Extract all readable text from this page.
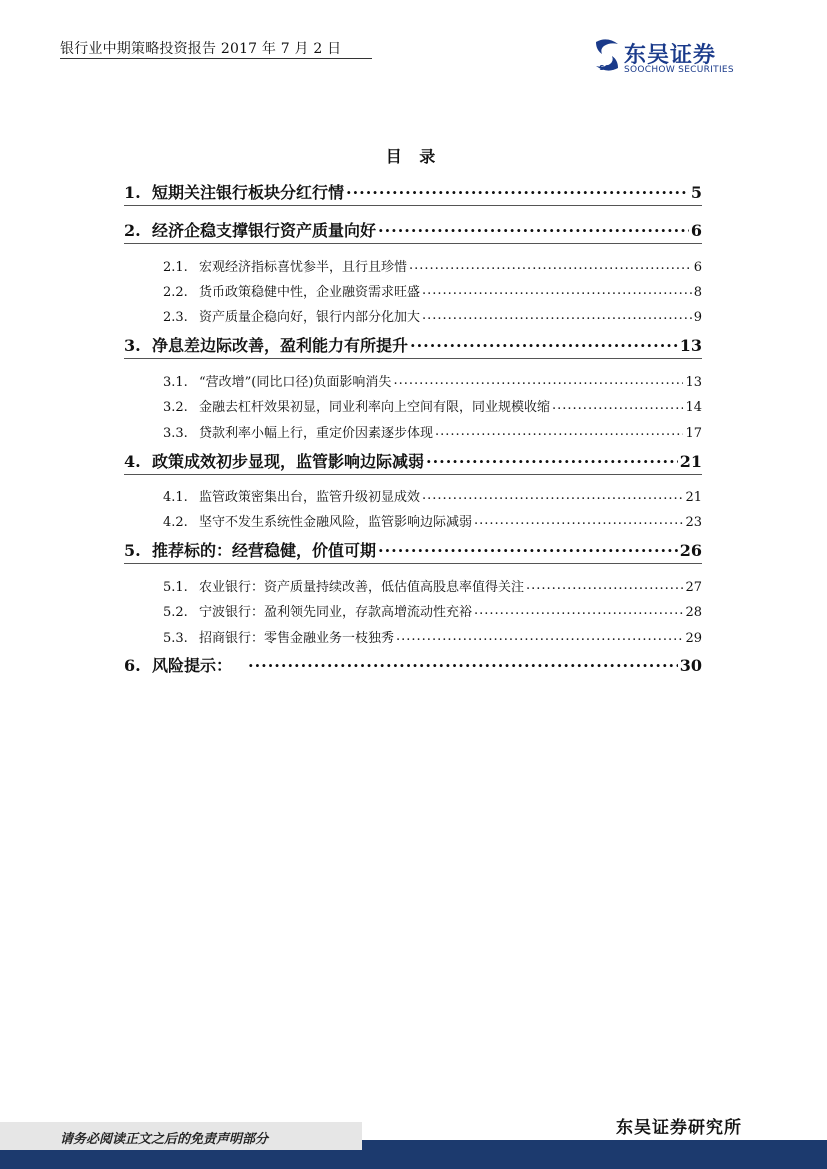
银行业中期策略投资报告 2017 年 7 月 2 日
SCS 东吴证券
SOOCHOW SECURITIES
目 录
1. 短期关注银行板块分红行情 .....	5
2. 经济企稳支撑银行资产质量向好 .....	6
2.1. 宏观经济指标喜忧参半，且行且珍惜 .....	6
2.2. 货币政策稳健中性，企业融资需求旺盛 .....	8
2.3. 资产质量企稳向好，银行内部分化加大 .....	9
3. 净息差边际改善，盈利能力有所提升 .....	13
3.1. “营改增”(同比口径)负面影响消失 .....	13
3.2. 金融去杠杆效果初显，同业利率向上空间有限，同业规模收缩 .....	14
3.3. 贷款利率小幅上行，重定价因素逐步体现 .....	17
4. 政策成效初步显现，监管影响边际减弱 .....	21
4.1. 监管政策密集出台，监管升级初显成效 .....	21
4.2. 坚守不发生系统性金融风险，监管影响边际减弱 .....	23
5. 推荐标的：经营稳健，价值可期 .....	26
5.1. 农业银行：资产质量持续改善，低估值高股息率值得关注 .....	27
5.2. 宁波银行：盈利领先同业，存款高增流动性充裕 .....	28
5.3. 招商银行：零售金融业务一枝独秀 .....	29
6. 风险提示： .....	30
请务必阅读正文之后的免责声明部分
东吴证券研究所
